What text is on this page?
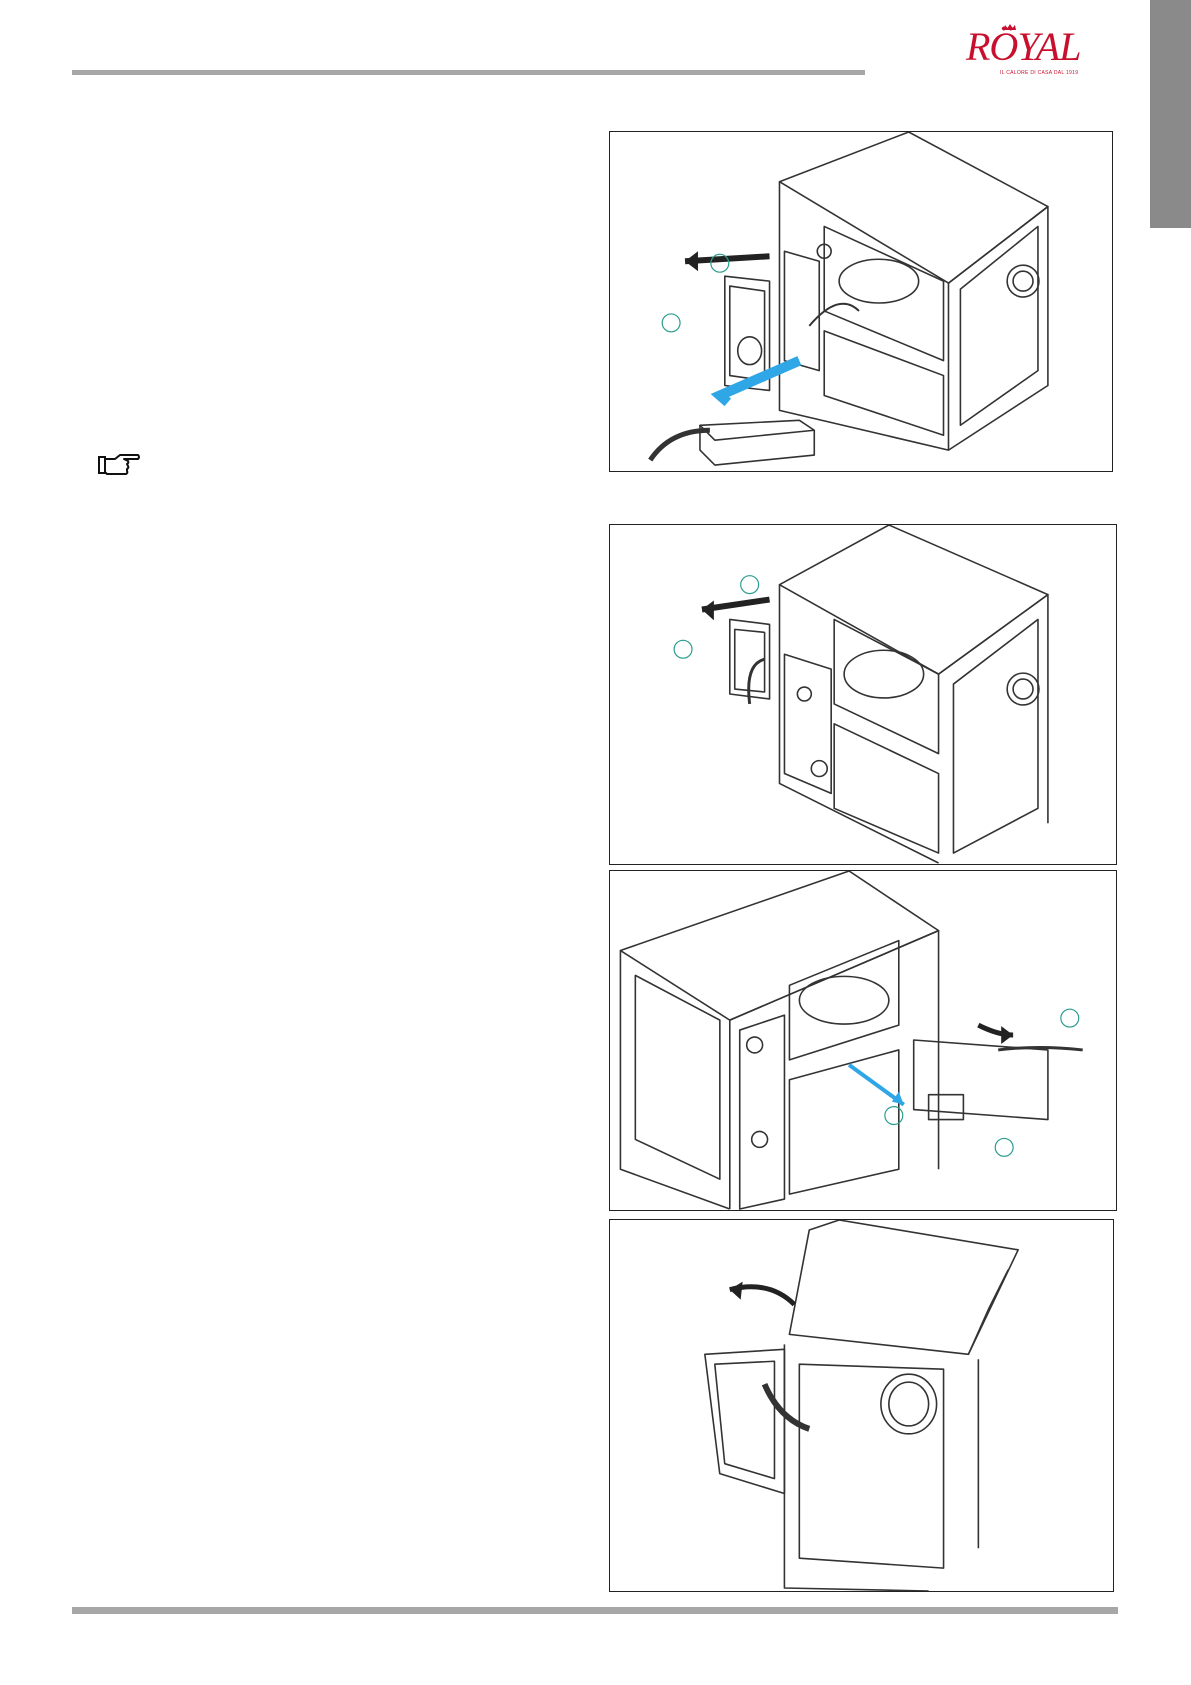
RÖYAL
IL CALORE DI CASA DAL 1919
